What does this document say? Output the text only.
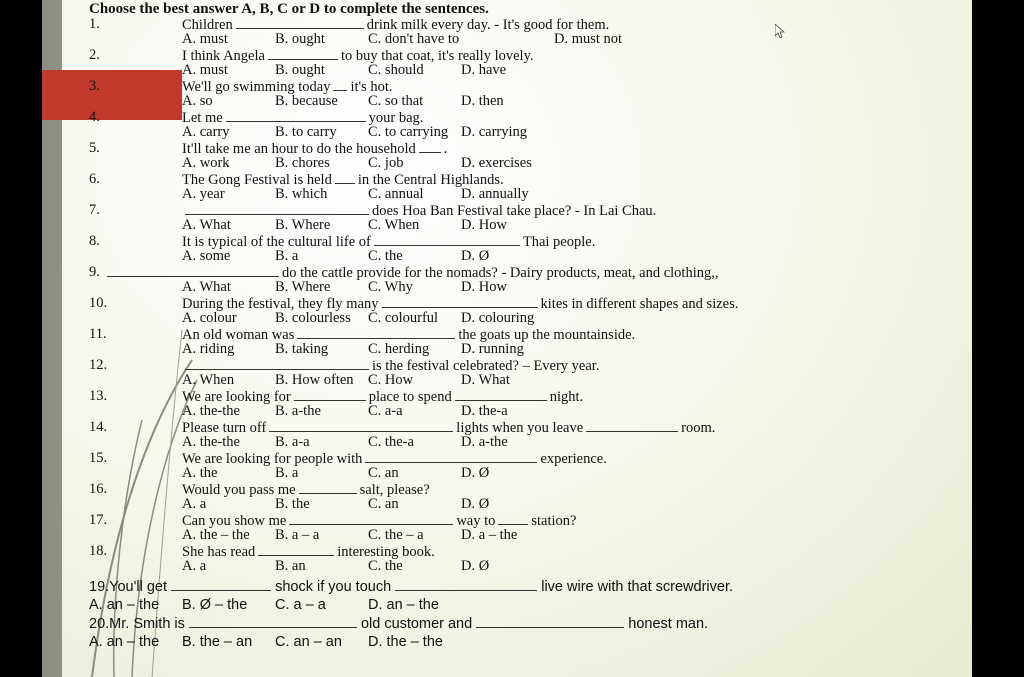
Choose the best answer A, B, C or D to complete the sentences.
1.	Children	drink milk every day. - It's good for them.
A. must	B. ought	C. don't have to	D. must not
2.	I think Angela	to buy that coat, it's really lovely.
A. must	B. ought	C. should	D. have
3.	We'll go swimming today it's hot.
A. so	B. because C. so that	D. then
4.	Let me	your bag.
A. carry	B. to carry C. to carrying D. carrying
5.	It'll take me an hour to do the household .
A. work	B. chores	C. job	D. exercises
6.	The Gong Festival is held in the Central Highlands.
A. year	B. which	C. annual	D. annually
7.	does Hoa Ban Festival take place? - In Lai Chau.
A. What	B. Where	C. When	D. How
8.	It is typical of the cultural life of	Thai people.
A. some	B. a	C. the	D. Ø
9.	do the cattle provide for the nomads? - Dairy products, meat, and clothing,,
A. What	B. Where	C. Why	D. How
10.	During the festival, they fly many	kites in different shapes and sizes.
A. colour	B. colourless C. colourful D. colouring
11.	An old woman was	the goats up the mountainside.
A. riding	B. taking	C. herding D. running
12.	is the festival celebrated? – Every year.
A. When	B. How often C. How	D. What
13.	We are looking for	place to spend	night.
A. the-the B. a-the	C. a-a	D. the-a
14.	Please turn off	lights when you leave	room.
A. the-the B. a-a	C. the-a	D. a-the
15.	We are looking for people with	experience.
A. the	B. a	C. an	D. Ø
16.	Would you pass me	salt, please?
A. a	B. the	C. an	D. Ø
17.	Can you show me	way to station?
A. the – the B. a – a	C. the – a	D. a – the
18.	She has read	interesting book.
A. a	B. an	C. the	D. Ø
19.You'll get	shock if you touch	live wire with that screwdriver.
A. an – the B. Ø – the C. a – a	D. an – the
20.Mr. Smith is	old customer and	honest man.
A. an – the B. the – an C. an – an D. the – the
